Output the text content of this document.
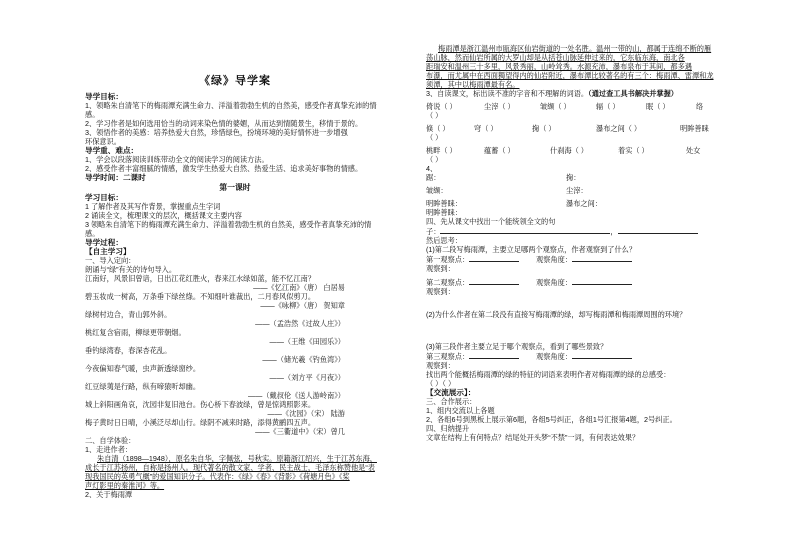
《绿》导学案
导学目标：
1、领略朱自清笔下的梅雨潭充满生命力、洋溢着勃勃生机的自然美，感受作者真挚充沛的情
感。
2、学习作者是如何选用恰当的动词来染色情的婆媚，从而达到情随景生，移情于景的。
3、领悟作者的美感：培养热爱大自然，珍惜绿色，扮境环境的美好情怀进一步增强
环保意识。
导学重、难点：
1、学会以段落阅读训练带动全文的阅读学习的阅读方法。
2、感受作者丰富细腻的情感，激发学生热爱大自然、热爱生活、追求美好事物的情感。
导学时间：二课时
第一课时
学习目标：
1 了解作者及其写作背景，掌握重点生字词
2 诵读全文，梳理课文的层次，概括课文主要内容
3 领略朱自清笔下的梅雨潭充满生命力、洋溢着勃勃生机的自然美，感受作者真挚充沛的情
感。
导学过程：
【自主学习】
一、导入定向：
朗诵与“绿”有关的诗句导入。
江南好，风景旧曾谙，日出江花红胜火，春来江水绿如蓝，能不忆江南？
——《忆江南》（唐） 白居易
碧玉妆成一树高，万条垂下绿丝绦。不知细叶谁裁出，二月春风似剪刀。
——《咏柳》（唐） 贺知章
绿树村边合，青山郭外斜。
——（孟浩然《过故人庄》）
桃红复含宿雨，柳绿更带朝烟。
——（王维《田园乐》）
垂钓绿湾春，春深杏花乱。
——（储光羲《钓鱼湾》）
今夜偏知春气暖，虫声新透绿窗纱。
——（刘方平《月夜》）
红豆绿荑是行路，纵有啼猿听却幽。
——（戴叔伦《送人游岭南》）
城上斜阳画角哀，沈园非复旧池台。伤心桥下春波绿，曾是惊鸿照影来。
——《沈园》（宋） 陆游
梅子黄时日日晴，小溪泛尽却山行。绿阴不减来时路，添得黄鹂四五声。
——《三衢道中》（宋）曾几
二、自学体验：
1、走进作者：
朱自清（1898—1948），原名朱自华，字佩弦，号秋实。原籍浙江绍兴，生于江苏东海，
成长于江苏扬州，自称是扬州人。现代著名的散文家、学者、民主战士，毛泽东称赞他是“表
现我国民的英勇气概”的爱国知识分子。代表作：《绿》《春》《背影》《荷塘月色》《桨
声灯影里的秦淮河》等。
2、关于梅雨潭
梅雨潭是浙江温州市瓯海区仙岩街道的一处名胜。温州一带的山，都属于连绵不断的雁
荡山脉，然而仙岩所属的大罗山却是从括苍山脉延伸过来的，它东临东海，南北各
距瑞安和温州三十多里，风景秀丽，山岭耸秀。水源充沛，瀑布泉布于其间，都多遇
布瀑，而尤属中在西面獨望得内的仙岩附近，瀑布潭比较著名的有三个：梅雨潭、雷潭和龙
须潭，其中以梅雨潭最有名。
3、自读课文，标出读不准的字音和不理解的词语。（通过查工具书解决并掌握）
倚说（ ）	尘滓（ ）	皱缬（ ）	辐（ ）	眠（ ）	络
（ ）
倏（ ）	穹（ ）	掬（ ）	瀑布之间（ ）	明眸善睐
（ ）
桃畔（ ）	蕴蓄（ ）	什刹海（ ）	着实（ ）	处女
（ ）
4、
踞：	掬：
皱缬：	尘滓：
明眸善睐：	瀑布之间：
明眸善睐：
四、先从课文中找出一个能统领全文的句
子：	，
然后思考：
(1)第二段写梅雨潭，主要立足哪两个观察点，作者观察到了什么？
第一观察点：	观察角度：
观察到：
第二观察点：	观察角度：
观察到：
(2)为什么作者在第二段没有直接写梅雨潭的绿，却写梅雨潭和梅雨潭周围的环境？
(3)第三段作者主要立足于哪个观察点，看到了哪些景致？
第三观察点：	观察角度：
观察到：
找出两个能概括梅雨潭的绿的特征的词语来表明作者对梅雨潭的绿的总感受：
（ ）（ ）
【交流展示】：
三、合作展示：
1、组内交流以上各题
2、各组6号到黑板上展示第6题，各组5号纠正，各组1号汇报第4题，2号纠正。
四、归纳提升
文章在结构上有何特点？结尾处开头梦“不禁”一词，有何表达效果？
